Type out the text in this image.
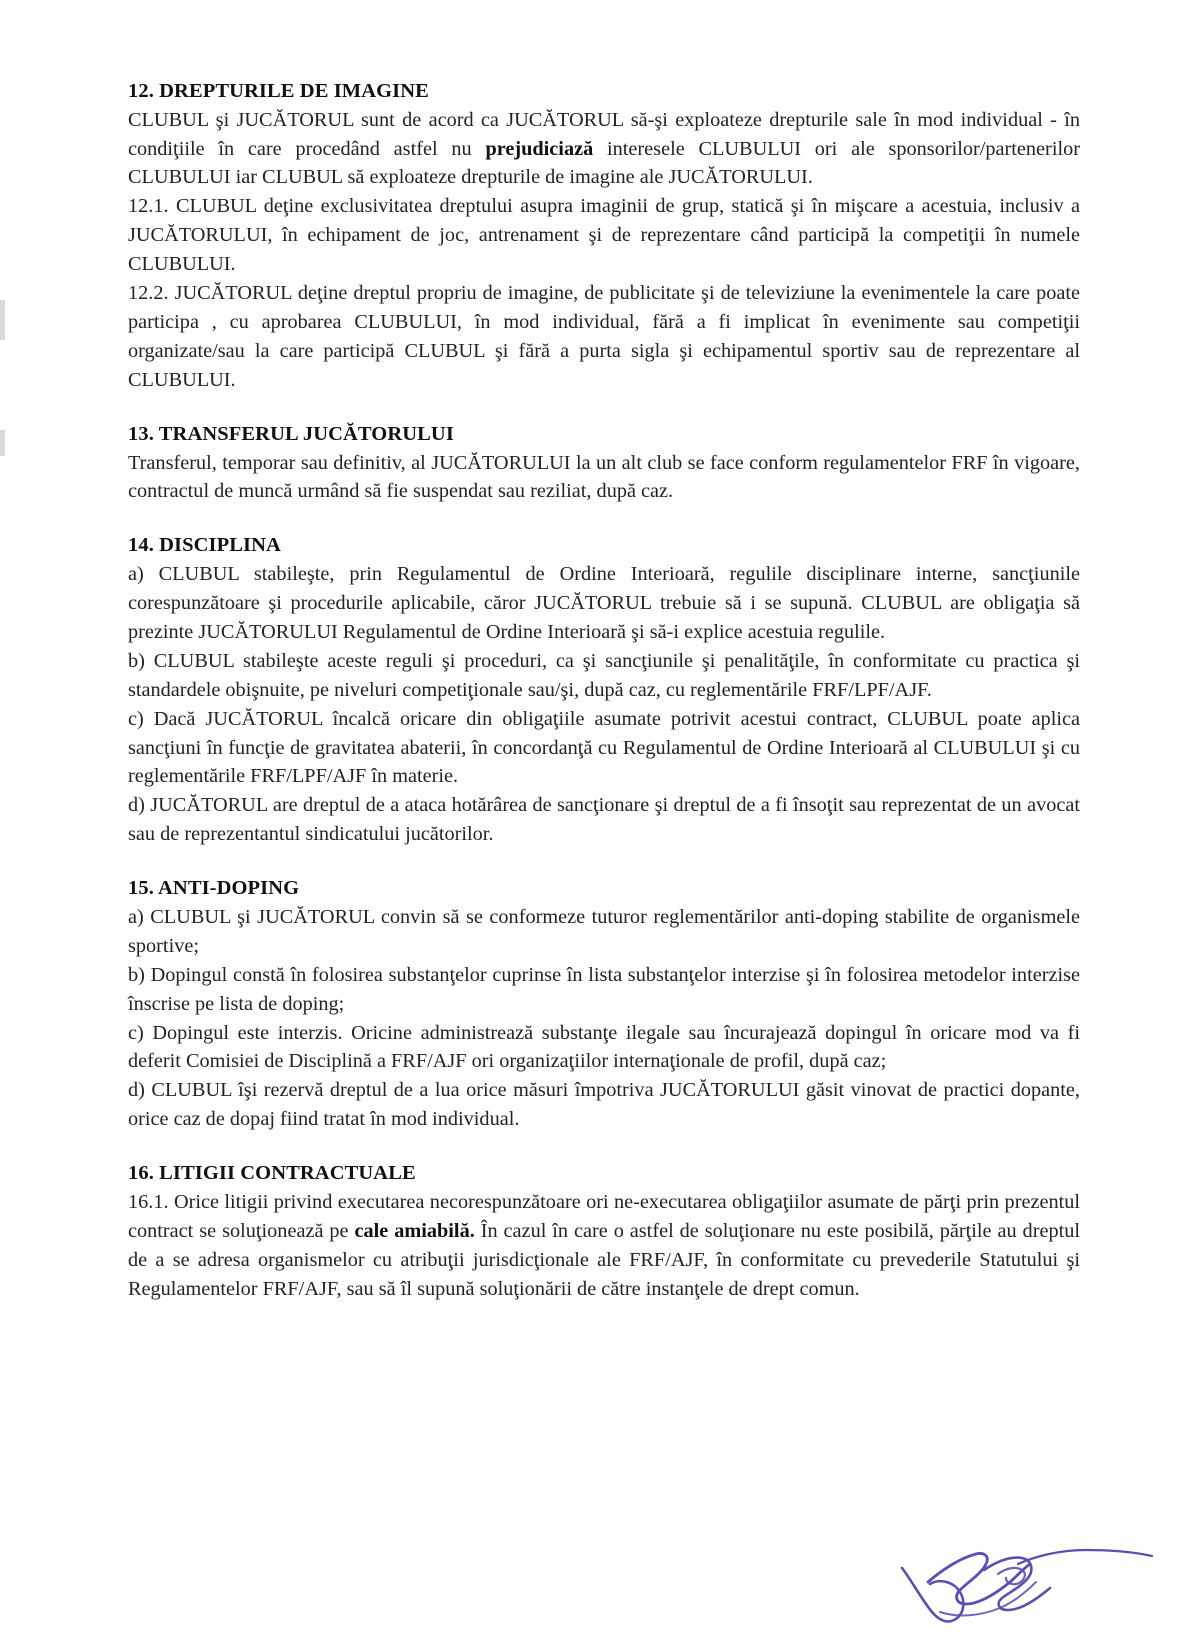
12. DREPTURILE DE IMAGINE

CLUBUL şi JUCĂTORUL sunt de acord ca JUCĂTORUL să-şi exploateze drepturile sale în mod individual - în condiţiile în care procedând astfel nu prejudiciază interesele CLUBULUI ori ale sponsorilor/partenerilor CLUBULUI iar CLUBUL să exploateze drepturile de imagine ale JUCĂTORULUI.

12.1. CLUBUL deţine exclusivitatea dreptului asupra imaginii de grup, statică şi în mişcare a acestuia, inclusiv a JUCĂTORULUI, în echipament de joc, antrenament şi de reprezentare când participă la competiţii în numele CLUBULUI.

12.2. JUCĂTORUL deţine dreptul propriu de imagine, de publicitate şi de televiziune la evenimentele la care poate participa , cu aprobarea CLUBULUI, în mod individual, fără a fi implicat în evenimente sau competiţii organizate/sau la care participă CLUBUL şi fără a purta sigla şi echipamentul sportiv sau de reprezentare al CLUBULUI.

13. TRANSFERUL JUCĂTORULUI

Transferul, temporar sau definitiv, al JUCĂTORULUI la un alt club se face conform regulamentelor FRF în vigoare, contractul de muncă urmând să fie suspendat sau reziliat, după caz.

14. DISCIPLINA

a) CLUBUL stabileşte, prin Regulamentul de Ordine Interioară, regulile disciplinare interne, sancţiunile corespunzătoare şi procedurile aplicabile, căror JUCĂTORUL trebuie să i se supună. CLUBUL are obligaţia să prezinte JUCĂTORULUI Regulamentul de Ordine Interioară şi să-i explice acestuia regulile.

b) CLUBUL stabileşte aceste reguli şi proceduri, ca şi sancţiunile şi penalităţile, în conformitate cu practica şi standardele obişnuite, pe niveluri competiţionale sau/şi, după caz, cu reglementările FRF/LPF/AJF.

c) Dacă JUCĂTORUL încalcă oricare din obligaţiile asumate potrivit acestui contract, CLUBUL poate aplica sancţiuni în funcţie de gravitatea abaterii, în concordanţă cu Regulamentul de Ordine Interioară al CLUBULUI şi cu reglementările FRF/LPF/AJF în materie.

d) JUCĂTORUL are dreptul de a ataca hotărârea de sancţionare şi dreptul de a fi însoţit sau reprezentat de un avocat sau de reprezentantul sindicatului jucătorilor.

15. ANTI-DOPING

a) CLUBUL şi JUCĂTORUL convin să se conformeze tuturor reglementărilor anti-doping stabilite de organismele sportive;

b) Dopingul constă în folosirea substanţelor cuprinse în lista substanţelor interzise şi în folosirea metodelor interzise înscrise pe lista de doping;

c) Dopingul este interzis. Oricine administrează substanţe ilegale sau încurajează dopingul în oricare mod va fi deferit Comisiei de Disciplină a FRF/AJF ori organizaţiilor internaţionale de profil, după caz;

d) CLUBUL îşi rezervă dreptul de a lua orice măsuri împotriva JUCĂTORULUI găsit vinovat de practici dopante, orice caz de dopaj fiind tratat în mod individual.

16. LITIGII CONTRACTUALE

16.1. Orice litigii privind executarea necorespunzătoare ori ne-executarea obligaţiilor asumate de părţi prin prezentul contract se soluţionează pe cale amiabilă. În cazul în care o astfel de soluţionare nu este posibilă, părţile au dreptul de a se adresa organismelor cu atribuţii jurisdicţionale ale FRF/AJF, în conformitate cu prevederile Statutului şi Regulamentelor FRF/AJF, sau să îl supună soluţionării de către instanţele de drept comun.
